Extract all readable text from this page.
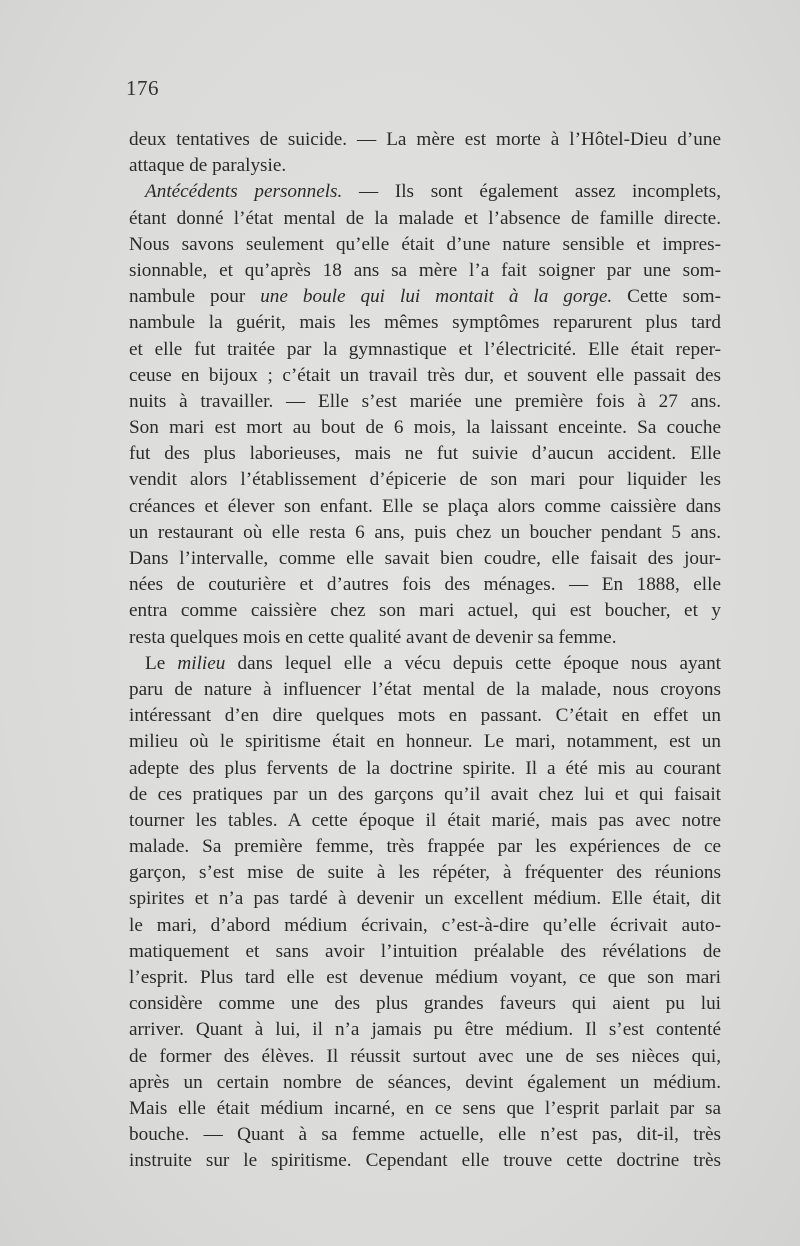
176
deux tentatives de suicide. — La mère est morte à l’Hôtel-Dieu d’une
attaque de paralysie.
Antécédents personnels. — Ils sont également assez incomplets,
étant donné l’état mental de la malade et l’absence de famille directe.
Nous savons seulement qu’elle était d’une nature sensible et impres-
sionnable, et qu’après 18 ans sa mère l’a fait soigner par une som-
nambule pour une boule qui lui montait à la gorge. Cette som-
nambule la guérit, mais les mêmes symptômes reparurent plus tard
et elle fut traitée par la gymnastique et l’électricité. Elle était reper-
ceuse en bijoux ; c’était un travail très dur, et souvent elle passait des
nuits à travailler. — Elle s’est mariée une première fois à 27 ans.
Son mari est mort au bout de 6 mois, la laissant enceinte. Sa couche
fut des plus laborieuses, mais ne fut suivie d’aucun accident. Elle
vendit alors l’établissement d’épicerie de son mari pour liquider les
créances et élever son enfant. Elle se plaça alors comme caissière dans
un restaurant où elle resta 6 ans, puis chez un boucher pendant 5 ans.
Dans l’intervalle, comme elle savait bien coudre, elle faisait des jour-
nées de couturière et d’autres fois des ménages. — En 1888, elle
entra comme caissière chez son mari actuel, qui est boucher, et y
resta quelques mois en cette qualité avant de devenir sa femme.
Le milieu dans lequel elle a vécu depuis cette époque nous ayant
paru de nature à influencer l’état mental de la malade, nous croyons
intéressant d’en dire quelques mots en passant. C’était en effet un
milieu où le spiritisme était en honneur. Le mari, notamment, est un
adepte des plus fervents de la doctrine spirite. Il a été mis au courant
de ces pratiques par un des garçons qu’il avait chez lui et qui faisait
tourner les tables. A cette époque il était marié, mais pas avec notre
malade. Sa première femme, très frappée par les expériences de ce
garçon, s’est mise de suite à les répéter, à fréquenter des réunions
spirites et n’a pas tardé à devenir un excellent médium. Elle était, dit
le mari, d’abord médium écrivain, c’est-à-dire qu’elle écrivait auto-
matiquement et sans avoir l’intuition préalable des révélations de
l’esprit. Plus tard elle est devenue médium voyant, ce que son mari
considère comme une des plus grandes faveurs qui aient pu lui
arriver. Quant à lui, il n’a jamais pu être médium. Il s’est contenté
de former des élèves. Il réussit surtout avec une de ses nièces qui,
après un certain nombre de séances, devint également un médium.
Mais elle était médium incarné, en ce sens que l’esprit parlait par sa
bouche. — Quant à sa femme actuelle, elle n’est pas, dit-il, très
instruite sur le spiritisme. Cependant elle trouve cette doctrine très
